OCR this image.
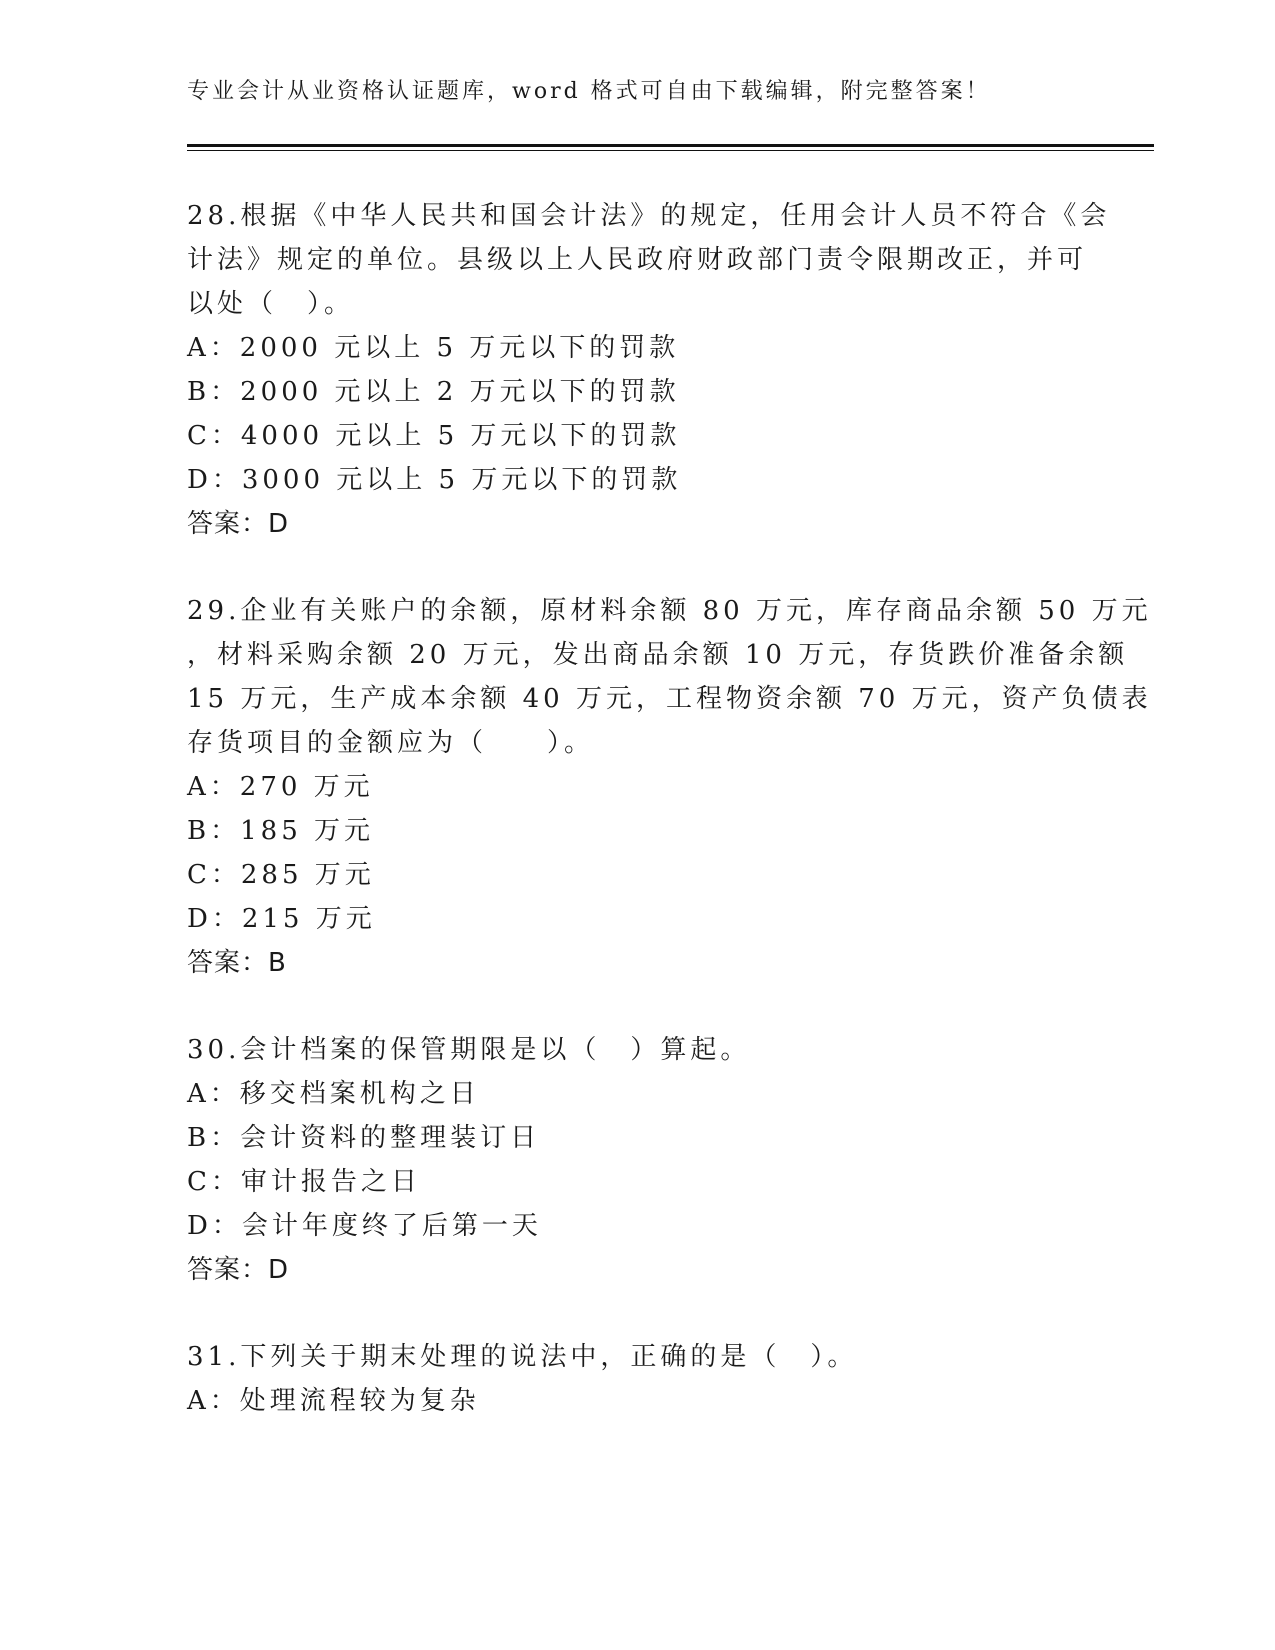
专业会计从业资格认证题库，word 格式可自由下载编辑，附完整答案！
28.根据《中华人民共和国会计法》的规定，任用会计人员不符合《会
计法》规定的单位。县级以上人民政府财政部门责令限期改正，并可
以处（　）。
A：2000 元以上 5 万元以下的罚款
B：2000 元以上 2 万元以下的罚款
C：4000 元以上 5 万元以下的罚款
D：3000 元以上 5 万元以下的罚款
答案：D
29.企业有关账户的余额，原材料余额 80 万元，库存商品余额 50 万元
，材料采购余额 20 万元，发出商品余额 10 万元，存货跌价准备余额
15 万元，生产成本余额 40 万元，工程物资余额 70 万元，资产负债表
存货项目的金额应为（　　）。
A：270 万元
B：185 万元
C：285 万元
D：215 万元
答案：B
30.会计档案的保管期限是以（　）算起。
A：移交档案机构之日
B：会计资料的整理装订日
C：审计报告之日
D：会计年度终了后第一天
答案：D
31.下列关于期末处理的说法中，正确的是（　）。
A：处理流程较为复杂
